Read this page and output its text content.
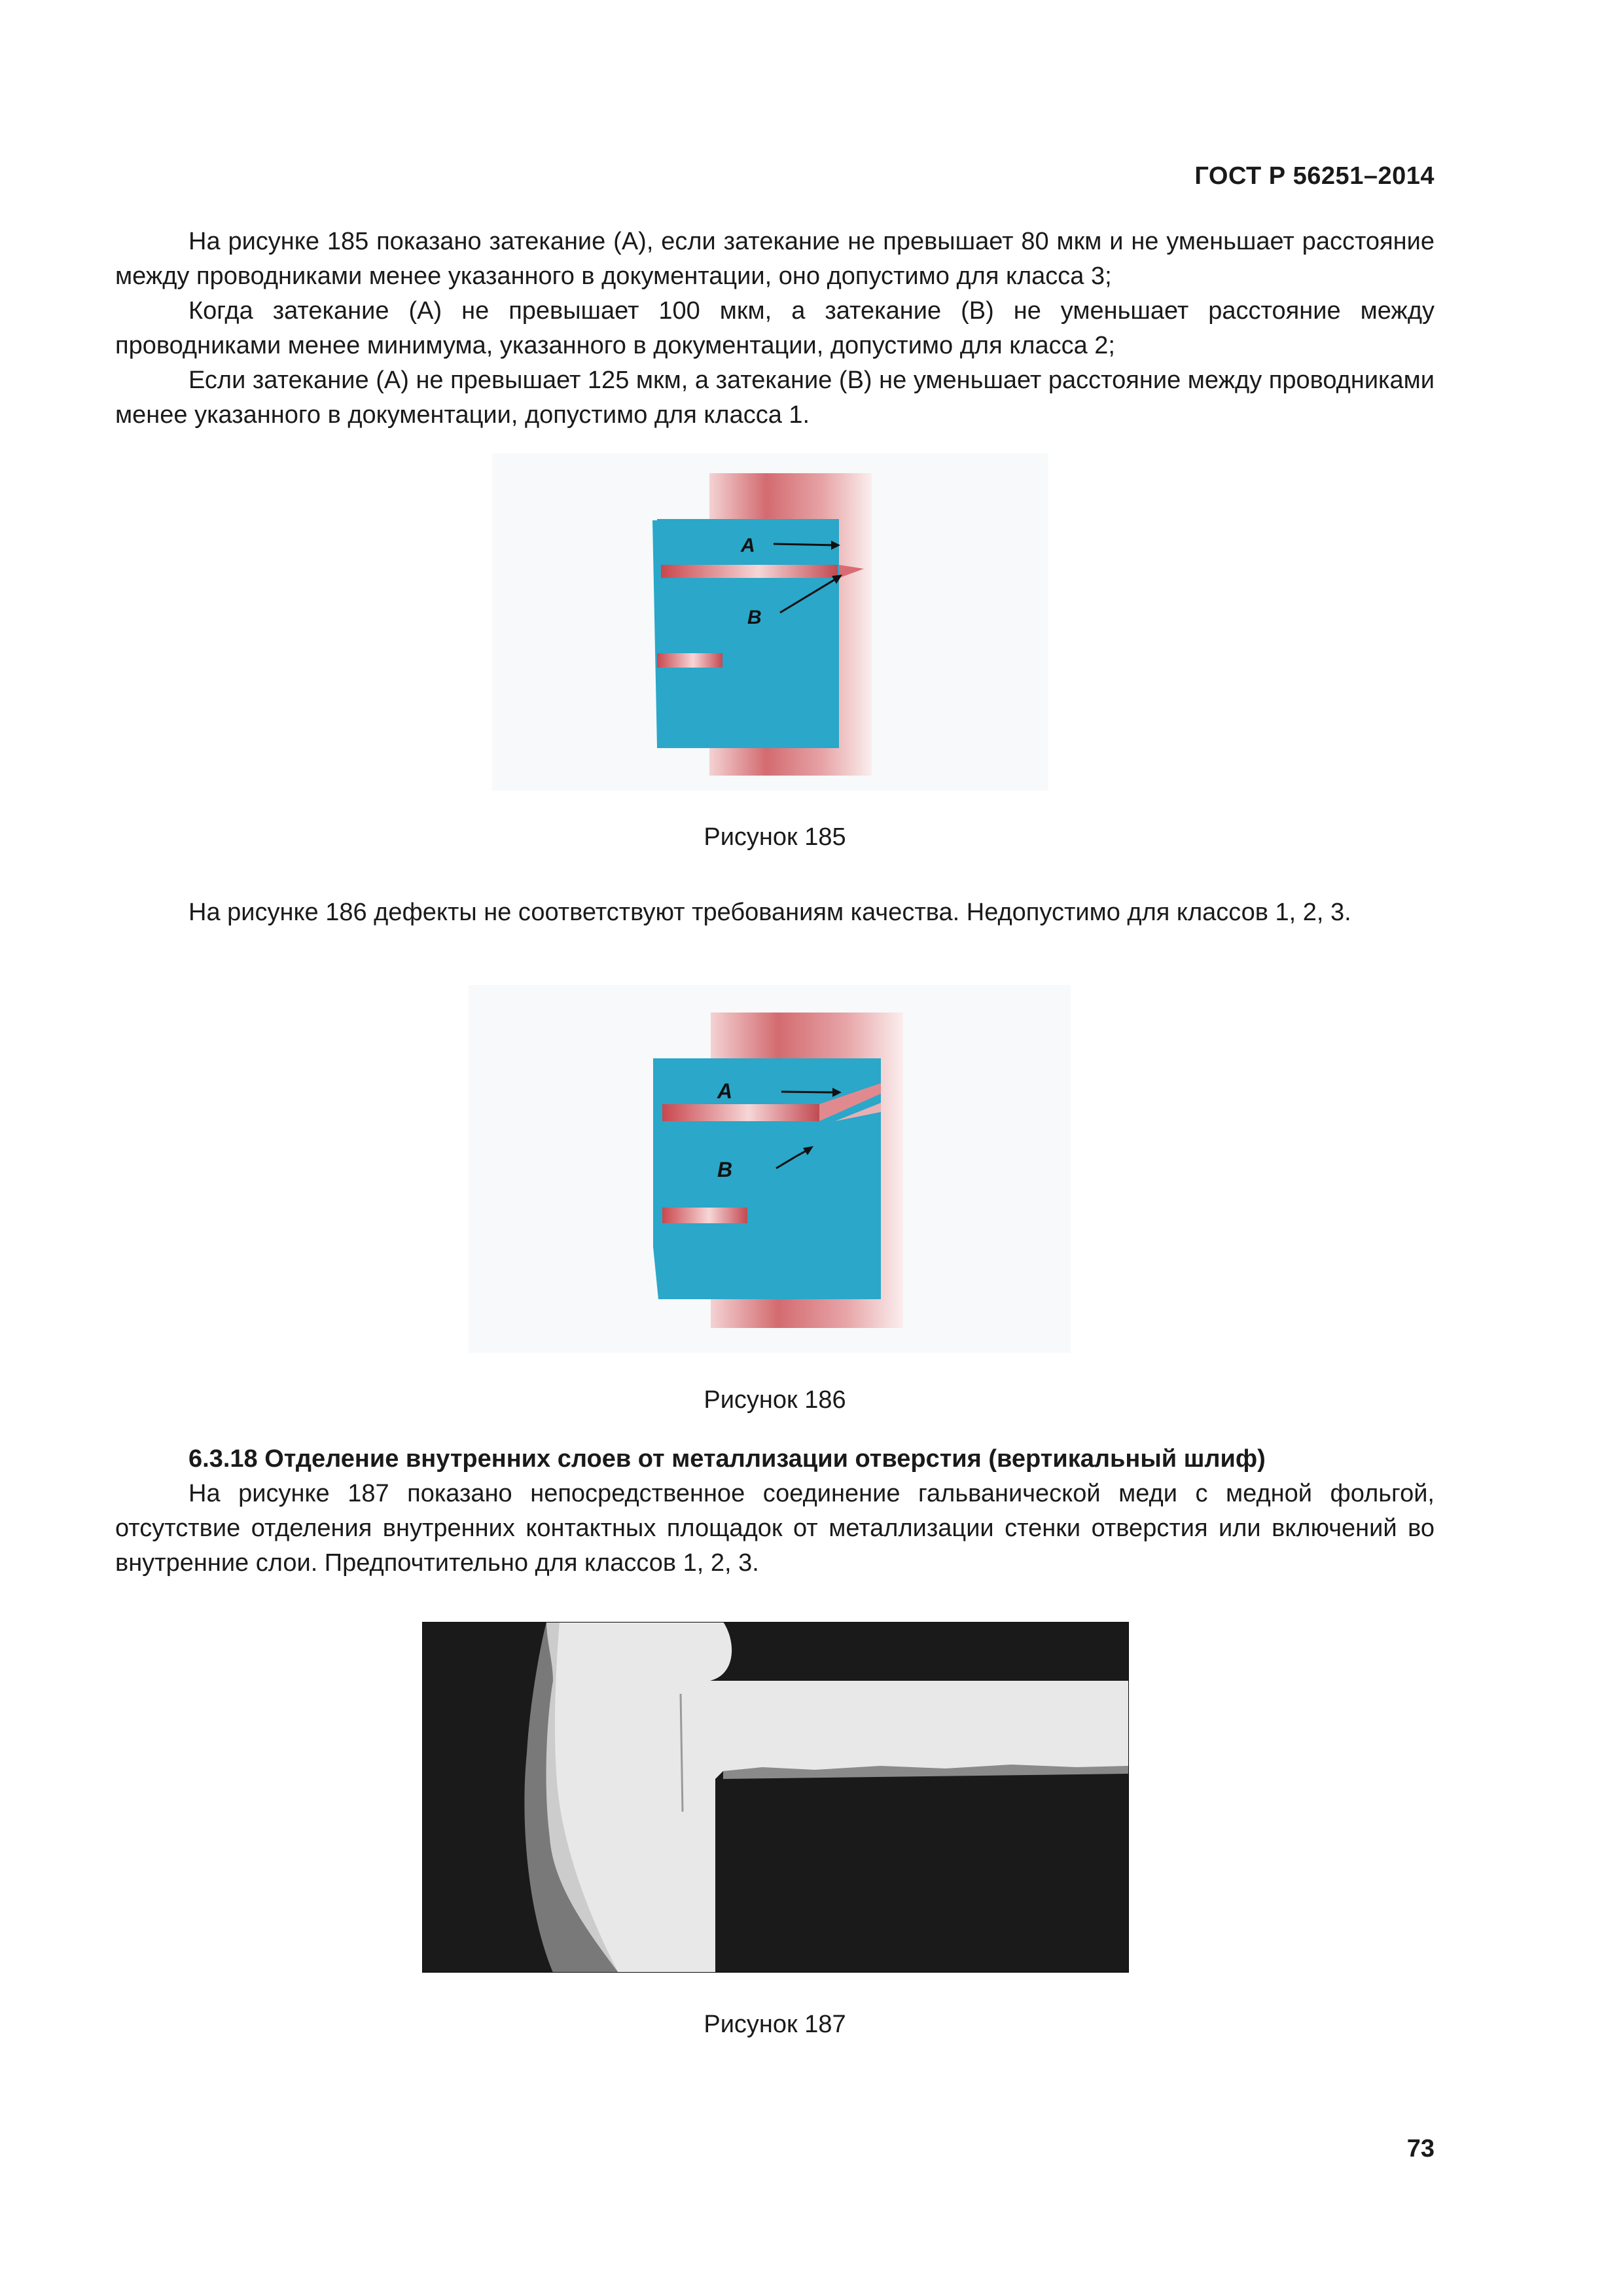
ГОСТ Р 56251–2014

На рисунке 185 показано затекание (A), если затекание не превышает 80 мкм и не уменьшает расстояние между проводниками менее указанного в документации, оно допустимо для класса 3;

Когда затекание (A) не превышает 100 мкм, а затекание (B) не уменьшает расстояние между проводниками менее минимума, указанного в документации, допустимо для класса 2;

Если затекание (A) не превышает 125 мкм, а затекание (B) не уменьшает расстояние между проводниками менее указанного в документации, допустимо для класса 1.

A
B
Рисунок 185

На рисунке 186 дефекты не соответствуют требованиям качества. Недопустимо для классов 1, 2, 3.

A
B
Рисунок 186

6.3.18 Отделение внутренних слоев от металлизации отверстия (вертикальный шлиф)

На рисунке 187 показано непосредственное соединение гальванической меди с медной фольгой, отсутствие отделения внутренних контактных площадок от металлизации стенки отверстия или включений во внутренние слои. Предпочтительно для классов 1, 2, 3.

Рисунок 187
73
